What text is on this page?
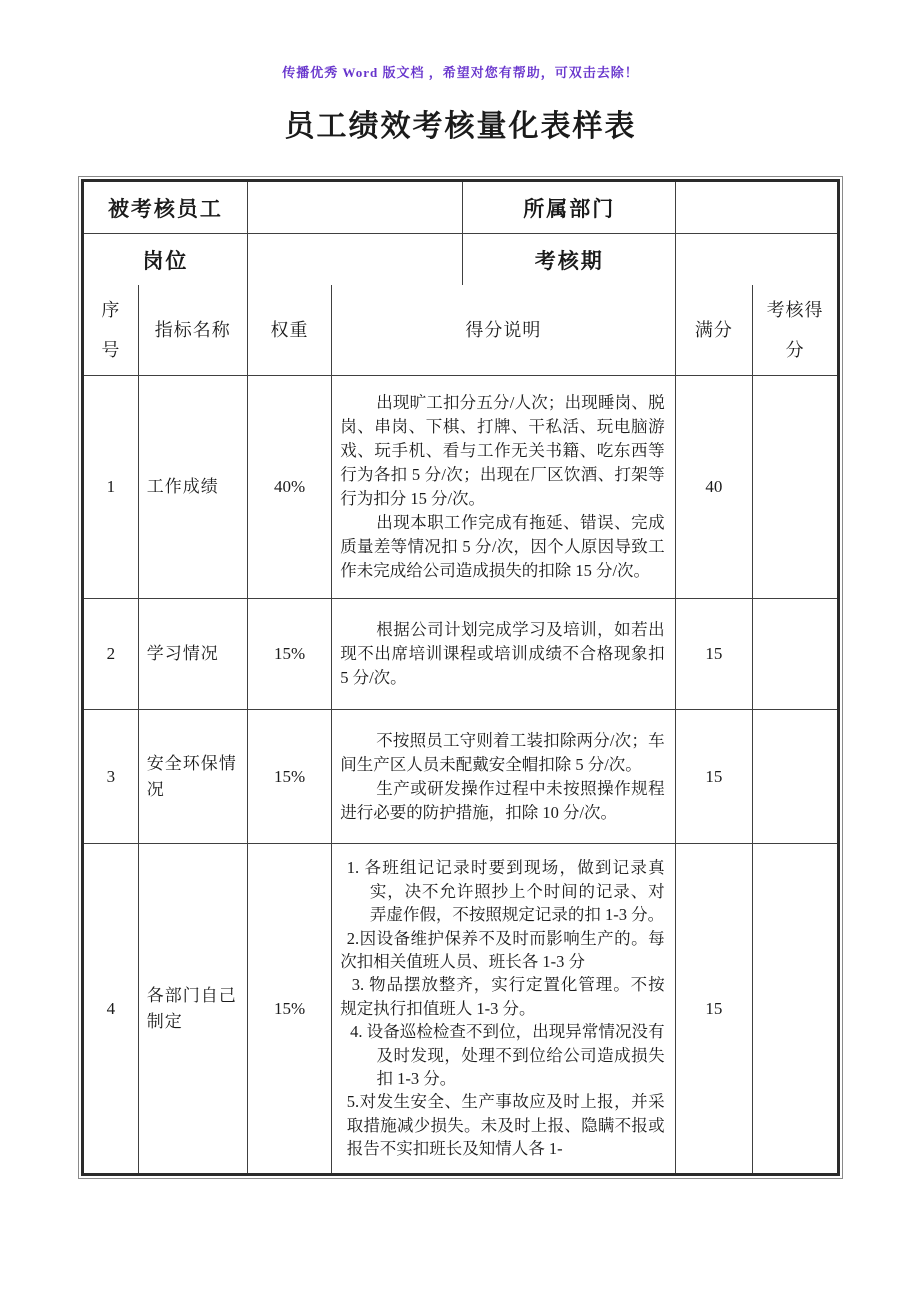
传播优秀 Word 版文档 ，希望对您有帮助，可双击去除！
员工绩效考核量化表样表
被考核员工		所属部门	
岗位		考核期	
序号	指标名称	权重	得分说明	满分	考核得分
1	工作成绩	40%	出现旷工扣分五分/人次；出现睡岗、脱岗、串岗、下棋、打牌、干私活、玩电脑游戏、玩手机、看与工作无关书籍、吃东西等行为各扣 5 分/次；出现在厂区饮酒、打架等行为扣分 15 分/次。

出现本职工作完成有拖延、错误、完成质量差等情况扣 5 分/次，因个人原因导致工作未完成给公司造成损失的扣除 15 分/次。	40	
2	学习情况	15%	根据公司计划完成学习及培训，如若出现不出席培训课程或培训成绩不合格现象扣 5 分/次。	15	
3	安全环保情况	15%	不按照员工守则着工装扣除两分/次；车间生产区人员未配戴安全帽扣除 5 分/次。

生产或研发操作过程中未按照操作规程进行必要的防护措施，扣除 10 分/次。	15	
4	各部门自己制定	15%	1. 各班组记记录时要到现场，做到记录真实，决不允许照抄上个时间的记录、对弄虚作假，不按照规定记录的扣 1-3 分。

2.因设备维护保养不及时而影响生产的。每次扣相关值班人员、班长各 1-3 分

3. 物品摆放整齐，实行定置化管理。不按规定执行扣值班人 1-3 分。

4. 设备巡检检查不到位，出现异常情况没有及时发现，处理不到位给公司造成损失扣 1-3 分。

5.对发生安全、生产事故应及时上报，并采取措施减少损失。未及时上报、隐瞒不报或报告不实扣班长及知情人各 1-	15	
